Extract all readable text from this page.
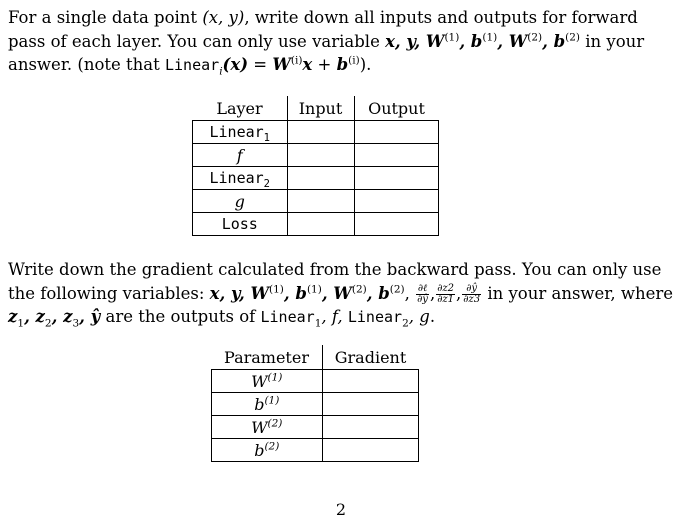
For a single data point (x, y), write down all inputs and outputs for forward pass of each layer. You can only use variable x, y, $W^{(1)}$, $b^{(1)}$, $W^{(2)}$, $b^{(2)}$ in your answer. (note that Linear$_i$(x) = $W^{(i)}x + b^{(i)}$).

Layer	Input	Output
Linear$_1$		
f		
Linear$_2$		
g		
Loss		

Write down the gradient calculated from the backward pass. You can only use the following variables: x, y, $W^{(1)}$, $b^{(1)}$, $W^{(2)}$, $b^{(2)}$, $\frac{\text{∂ℓ}}{\partial ŷ}$ , $\frac{\partial z2}{\partial z1}$ , $\frac{\partial ŷ}{\partial z3}$ in your answer, where $z_1$, $z_2$, $z_3$, ŷ are the outputs of Linear$_1$, f, Linear$_2$, g.

Parameter	Gradient
$W^{(1)}$	
$b^{(1)}$	
$W^{(2)}$	
$b^{(2)}$	
2
